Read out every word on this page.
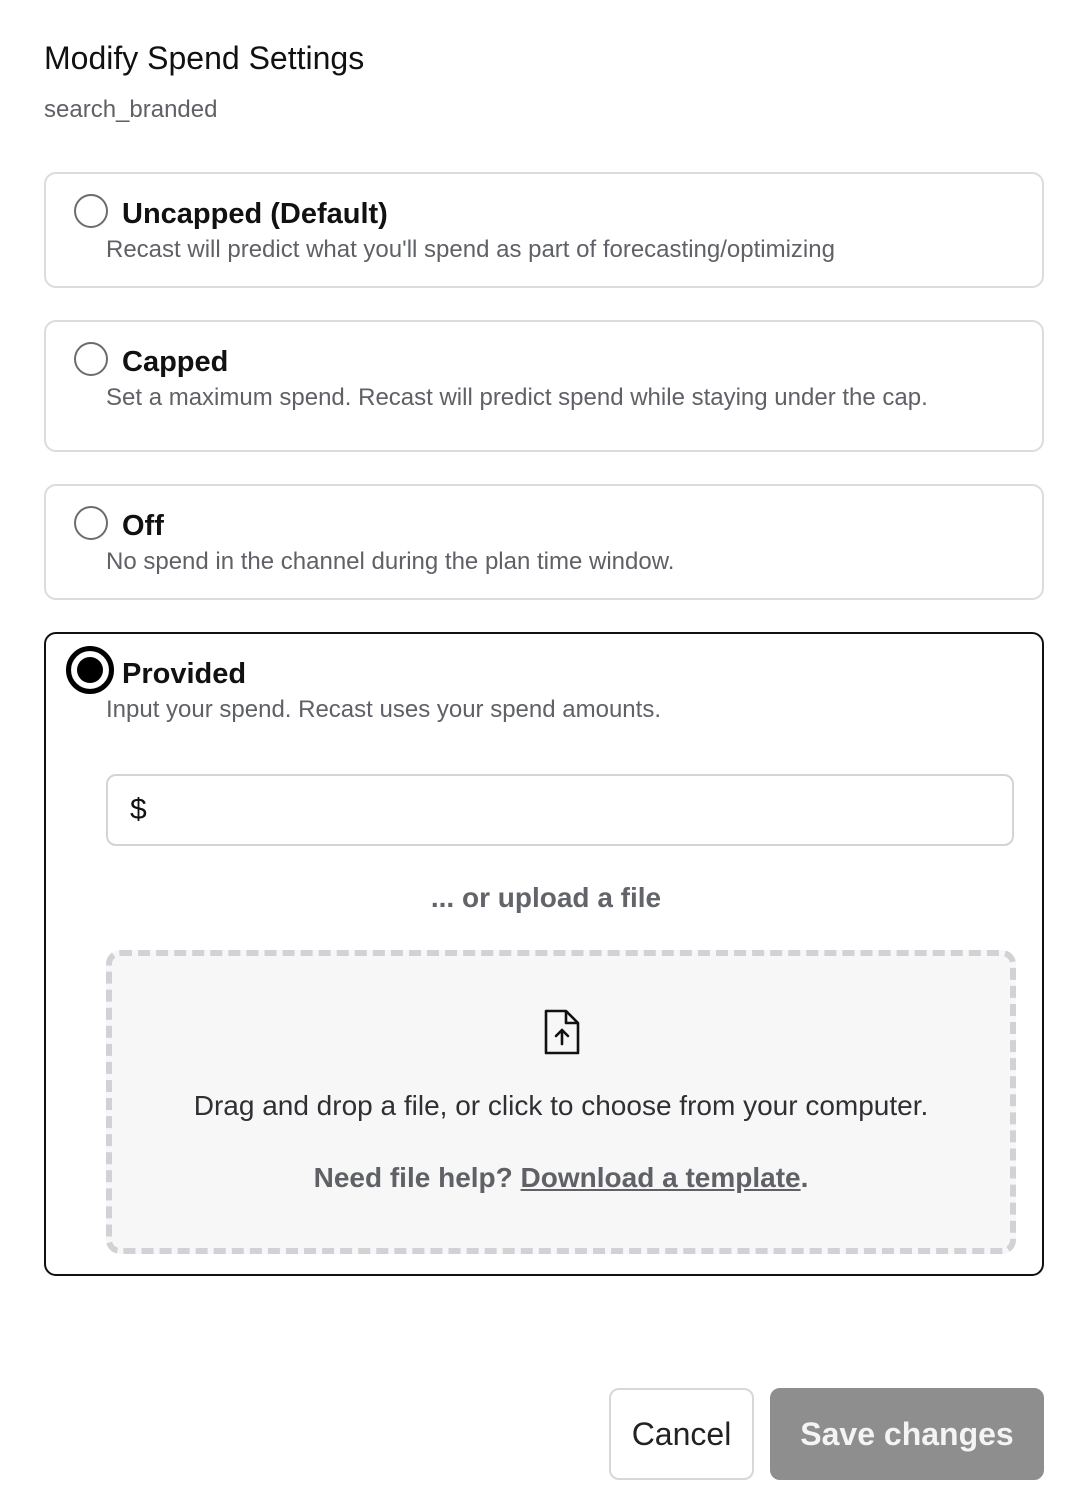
Modify Spend Settings
search_branded
Uncapped (Default)
Recast will predict what you'll spend as part of forecasting/optimizing
Capped
Set a maximum spend. Recast will predict spend while staying under the cap.
Off
No spend in the channel during the plan time window.
Provided
Input your spend. Recast uses your spend amounts.
$
... or upload a file
Drag and drop a file, or click to choose from your computer.
Need file help? Download a template.
Cancel	Save changes
